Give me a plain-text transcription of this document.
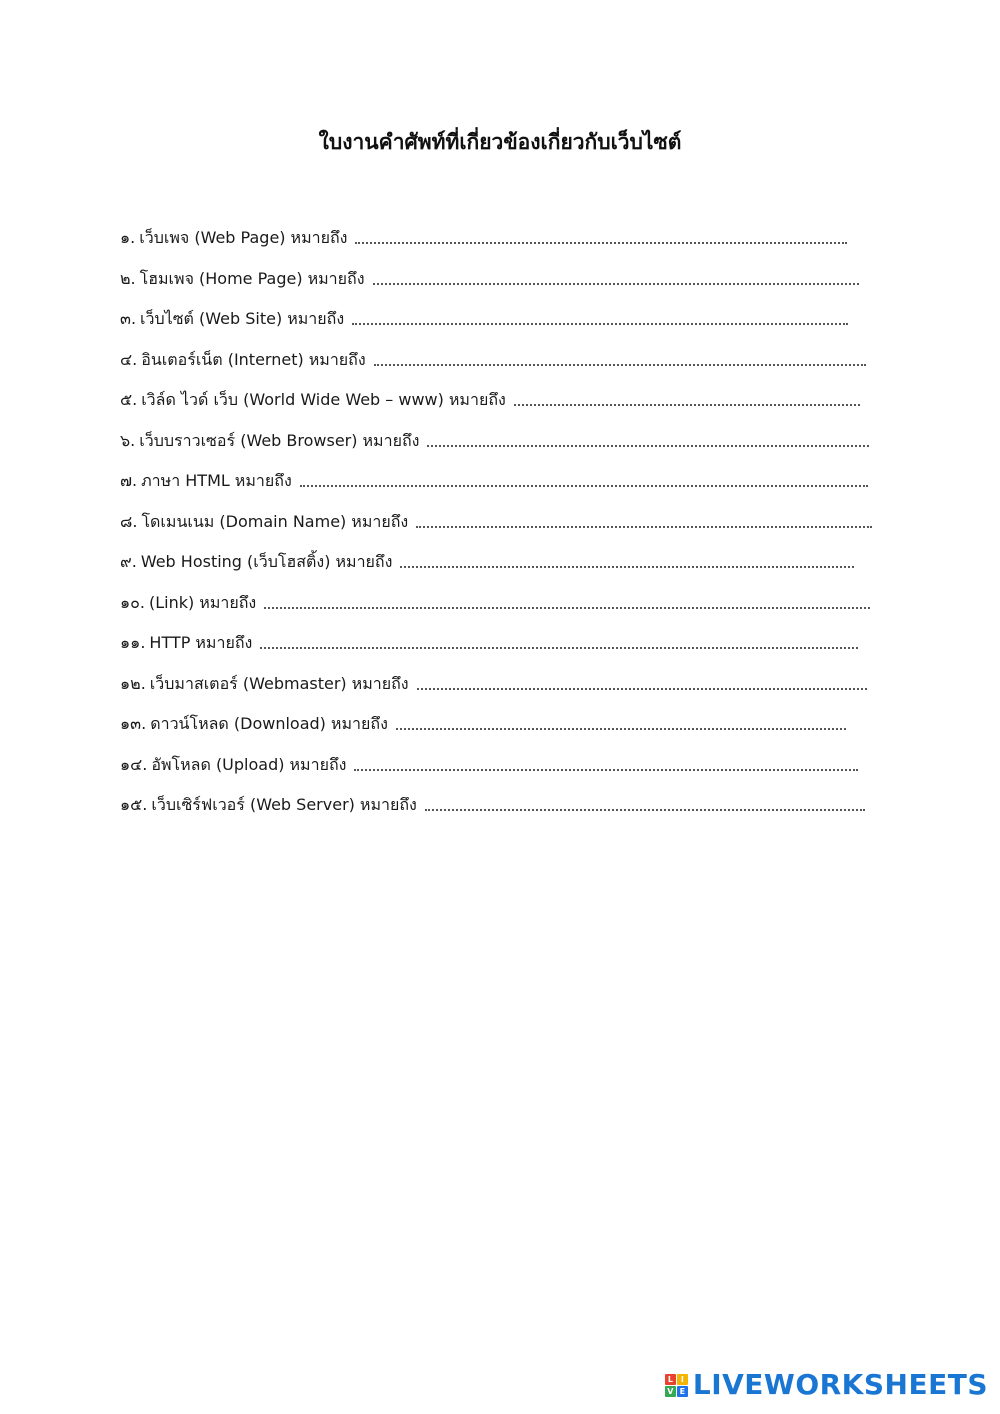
ใบงานคำศัพท์ที่เกี่ยวข้องเกี่ยวกับเว็บไซต์
๑. เว็บเพจ (Web Page) หมายถึง
๒. โฮมเพจ (Home Page) หมายถึง
๓. เว็บไซต์ (Web Site) หมายถึง
๔. อินเตอร์เน็ต (Internet) หมายถึง
๕. เวิล์ด ไวด์ เว็บ (World Wide Web – www) หมายถึง
๖. เว็บบราวเซอร์ (Web Browser) หมายถึง
๗. ภาษา HTML หมายถึง
๘. โดเมนเนม (Domain Name) หมายถึง
๙. Web Hosting (เว็บโฮสติ้ง) หมายถึง
๑๐. (Link) หมายถึง
๑๑. HTTP หมายถึง
๑๒. เว็บมาสเตอร์ (Webmaster) หมายถึง
๑๓. ดาวน์โหลด (Download) หมายถึง
๑๔. อัพโหลด (Upload) หมายถึง
๑๕. เว็บเซิร์ฟเวอร์ (Web Server) หมายถึง
L I
V E LIVEWORKSHEETS
